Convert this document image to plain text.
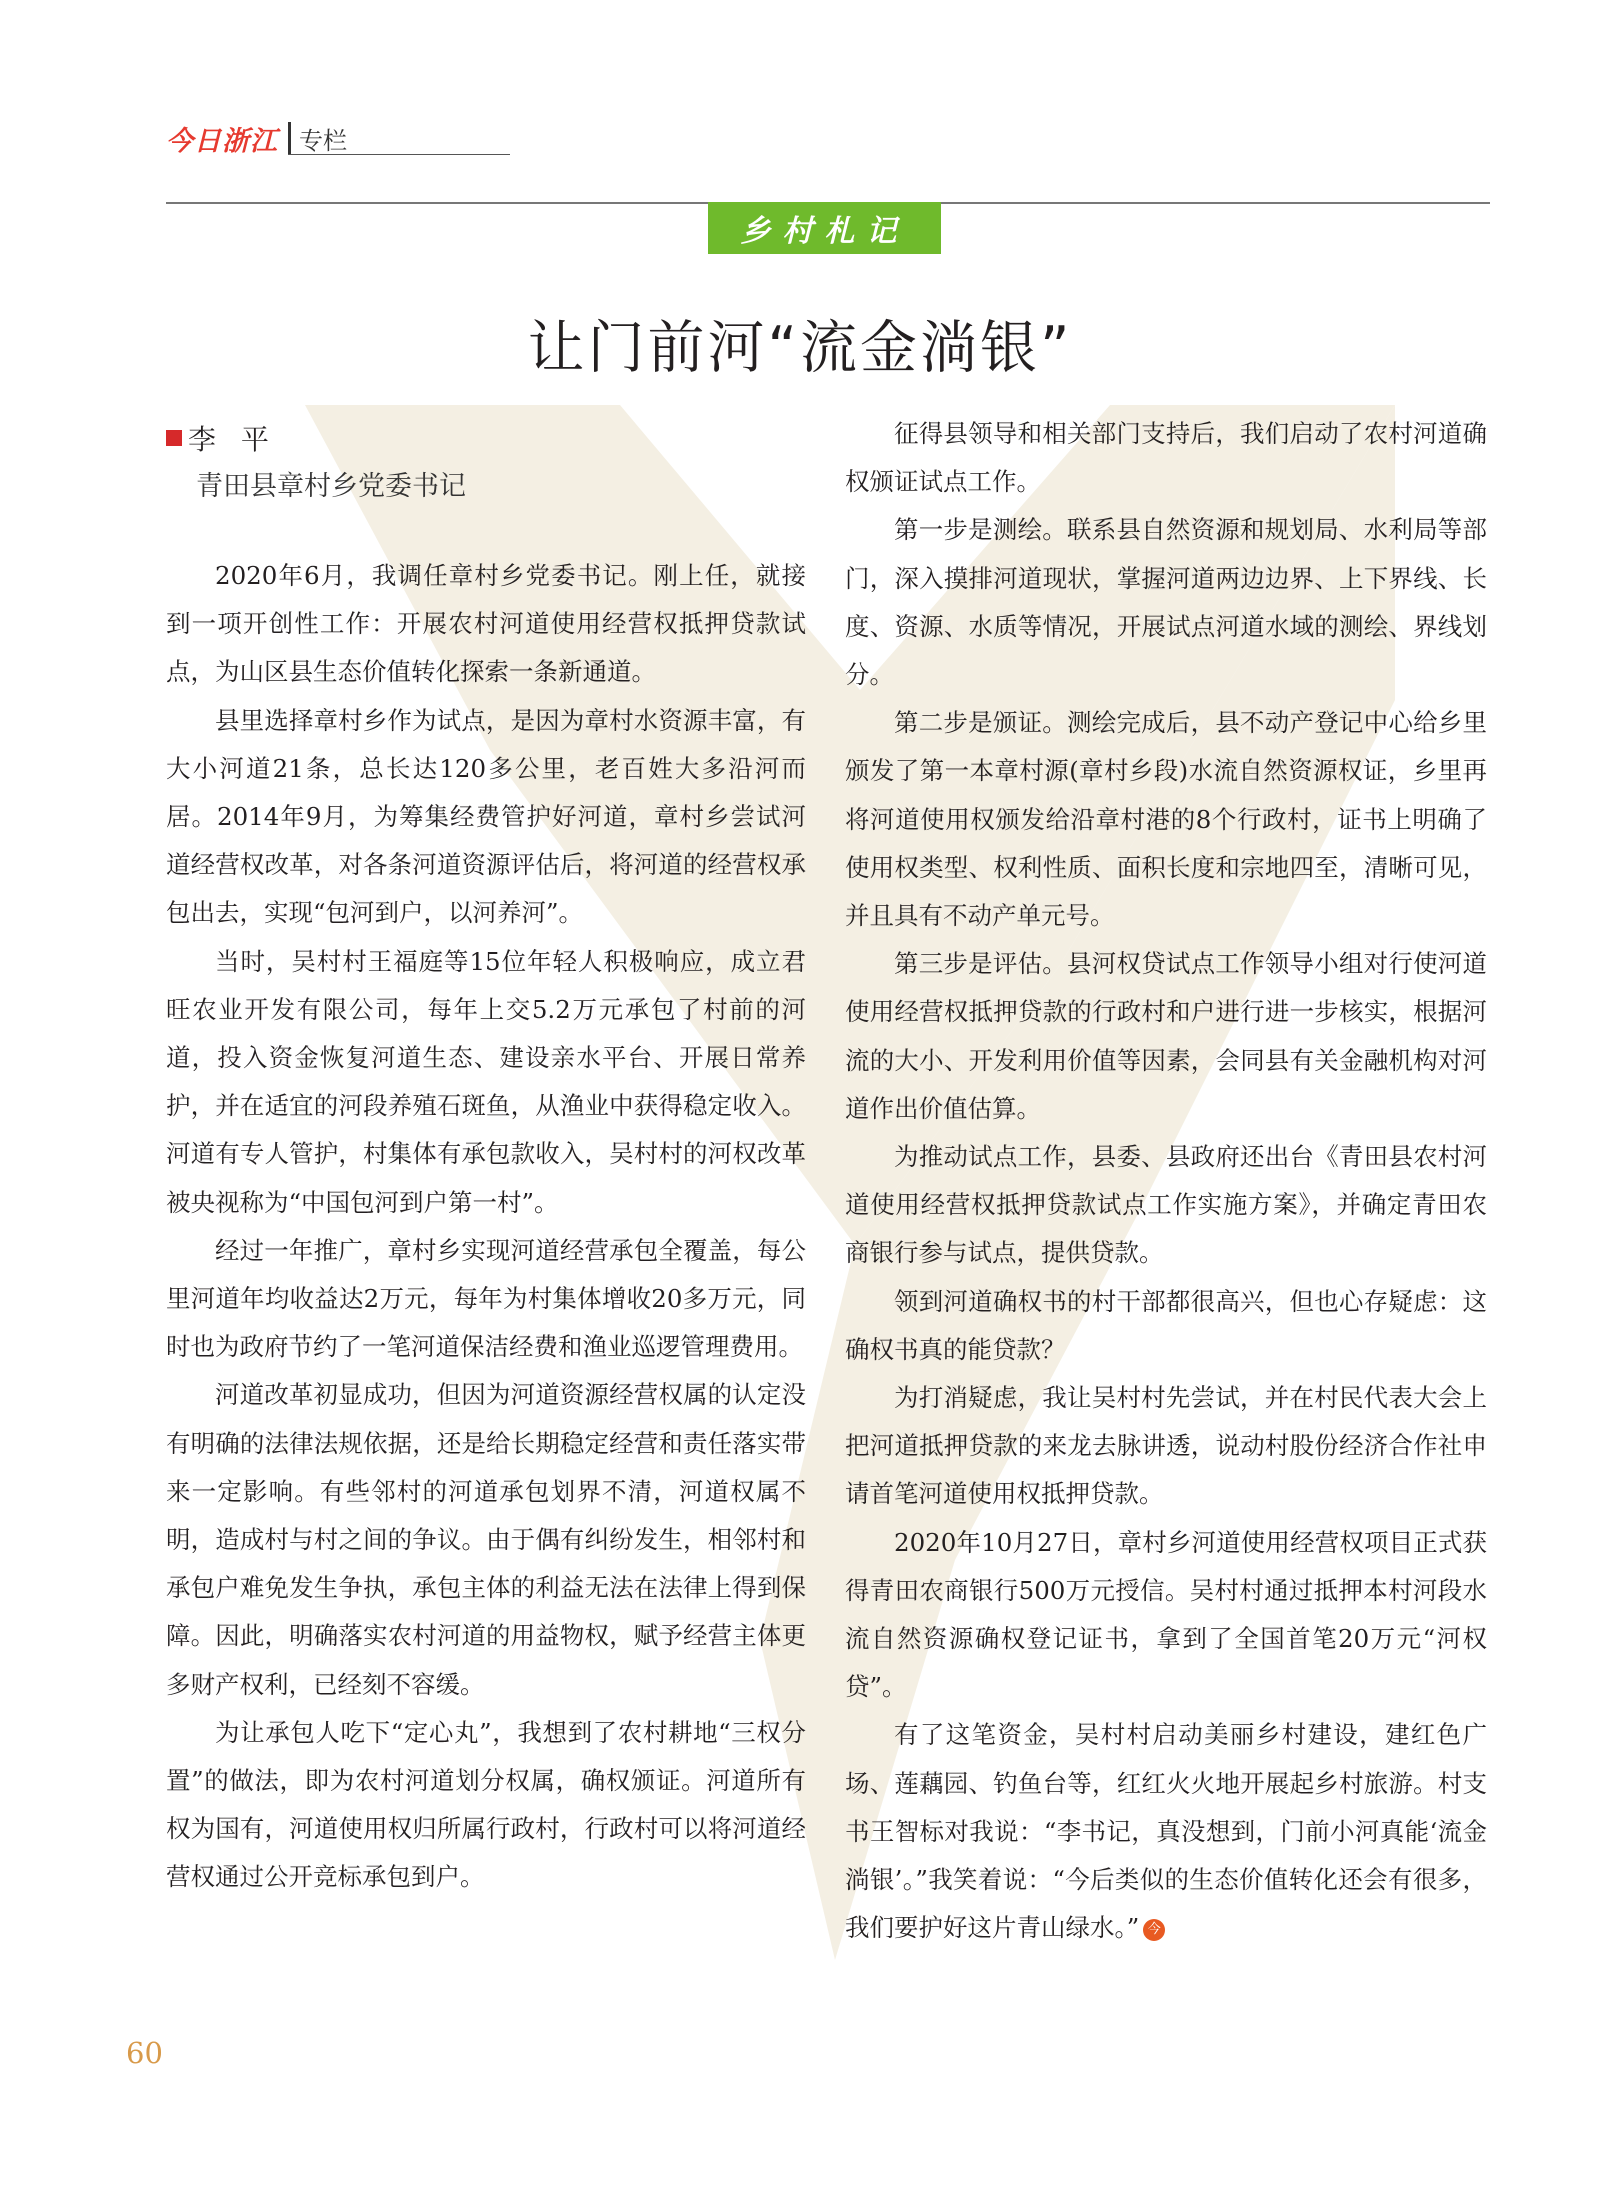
今日浙江 专栏
乡村札记
让门前河“流金淌银”
李 平
青田县章村乡党委书记

2020年6月，我调任章村乡党委书记。刚上任，就接到一项开创性工作：开展农村河道使用经营权抵押贷款试点，为山区县生态价值转化探索一条新通道。

县里选择章村乡作为试点，是因为章村水资源丰富，有大小河道21条，总长达120多公里，老百姓大多沿河而居。2014年9月，为筹集经费管护好河道，章村乡尝试河道经营权改革，对各条河道资源评估后，将河道的经营权承包出去，实现“包河到户，以河养河”。

当时，吴村村王福庭等15位年轻人积极响应，成立君旺农业开发有限公司，每年上交5.2万元承包了村前的河道，投入资金恢复河道生态、建设亲水平台、开展日常养护，并在适宜的河段养殖石斑鱼，从渔业中获得稳定收入。河道有专人管护，村集体有承包款收入，吴村村的河权改革被央视称为“中国包河到户第一村”。

经过一年推广，章村乡实现河道经营承包全覆盖，每公里河道年均收益达2万元，每年为村集体增收20多万元，同时也为政府节约了一笔河道保洁经费和渔业巡逻管理费用。

河道改革初显成功，但因为河道资源经营权属的认定没有明确的法律法规依据，还是给长期稳定经营和责任落实带来一定影响。有些邻村的河道承包划界不清，河道权属不明，造成村与村之间的争议。由于偶有纠纷发生，相邻村和承包户难免发生争执，承包主体的利益无法在法律上得到保障。因此，明确落实农村河道的用益物权，赋予经营主体更多财产权利，已经刻不容缓。

为让承包人吃下“定心丸”，我想到了农村耕地“三权分置”的做法，即为农村河道划分权属，确权颁证。河道所有权为国有，河道使用权归所属行政村，行政村可以将河道经营权通过公开竞标承包到户。

征得县领导和相关部门支持后，我们启动了农村河道确权颁证试点工作。

第一步是测绘。联系县自然资源和规划局、水利局等部门，深入摸排河道现状，掌握河道两边边界、上下界线、长度、资源、水质等情况，开展试点河道水域的测绘、界线划分。

第二步是颁证。测绘完成后，县不动产登记中心给乡里颁发了第一本章村源(章村乡段)水流自然资源权证，乡里再将河道使用权颁发给沿章村港的8个行政村，证书上明确了使用权类型、权利性质、面积长度和宗地四至，清晰可见，并且具有不动产单元号。

第三步是评估。县河权贷试点工作领导小组对行使河道使用经营权抵押贷款的行政村和户进行进一步核实，根据河流的大小、开发利用价值等因素，会同县有关金融机构对河道作出价值估算。

为推动试点工作，县委、县政府还出台《青田县农村河道使用经营权抵押贷款试点工作实施方案》，并确定青田农商银行参与试点，提供贷款。

领到河道确权书的村干部都很高兴，但也心存疑虑：这确权书真的能贷款？

为打消疑虑，我让吴村村先尝试，并在村民代表大会上把河道抵押贷款的来龙去脉讲透，说动村股份经济合作社申请首笔河道使用权抵押贷款。

2020年10月27日，章村乡河道使用经营权项目正式获得青田农商银行500万元授信。吴村村通过抵押本村河段水流自然资源确权登记证书，拿到了全国首笔20万元“河权贷”。

有了这笔资金，吴村村启动美丽乡村建设，建红色广场、莲藕园、钓鱼台等，红红火火地开展起乡村旅游。村支书王智标对我说：“李书记，真没想到，门前小河真能‘流金淌银’。”我笑着说：“今后类似的生态价值转化还会有很多，我们要护好这片青山绿水。” 今

60
